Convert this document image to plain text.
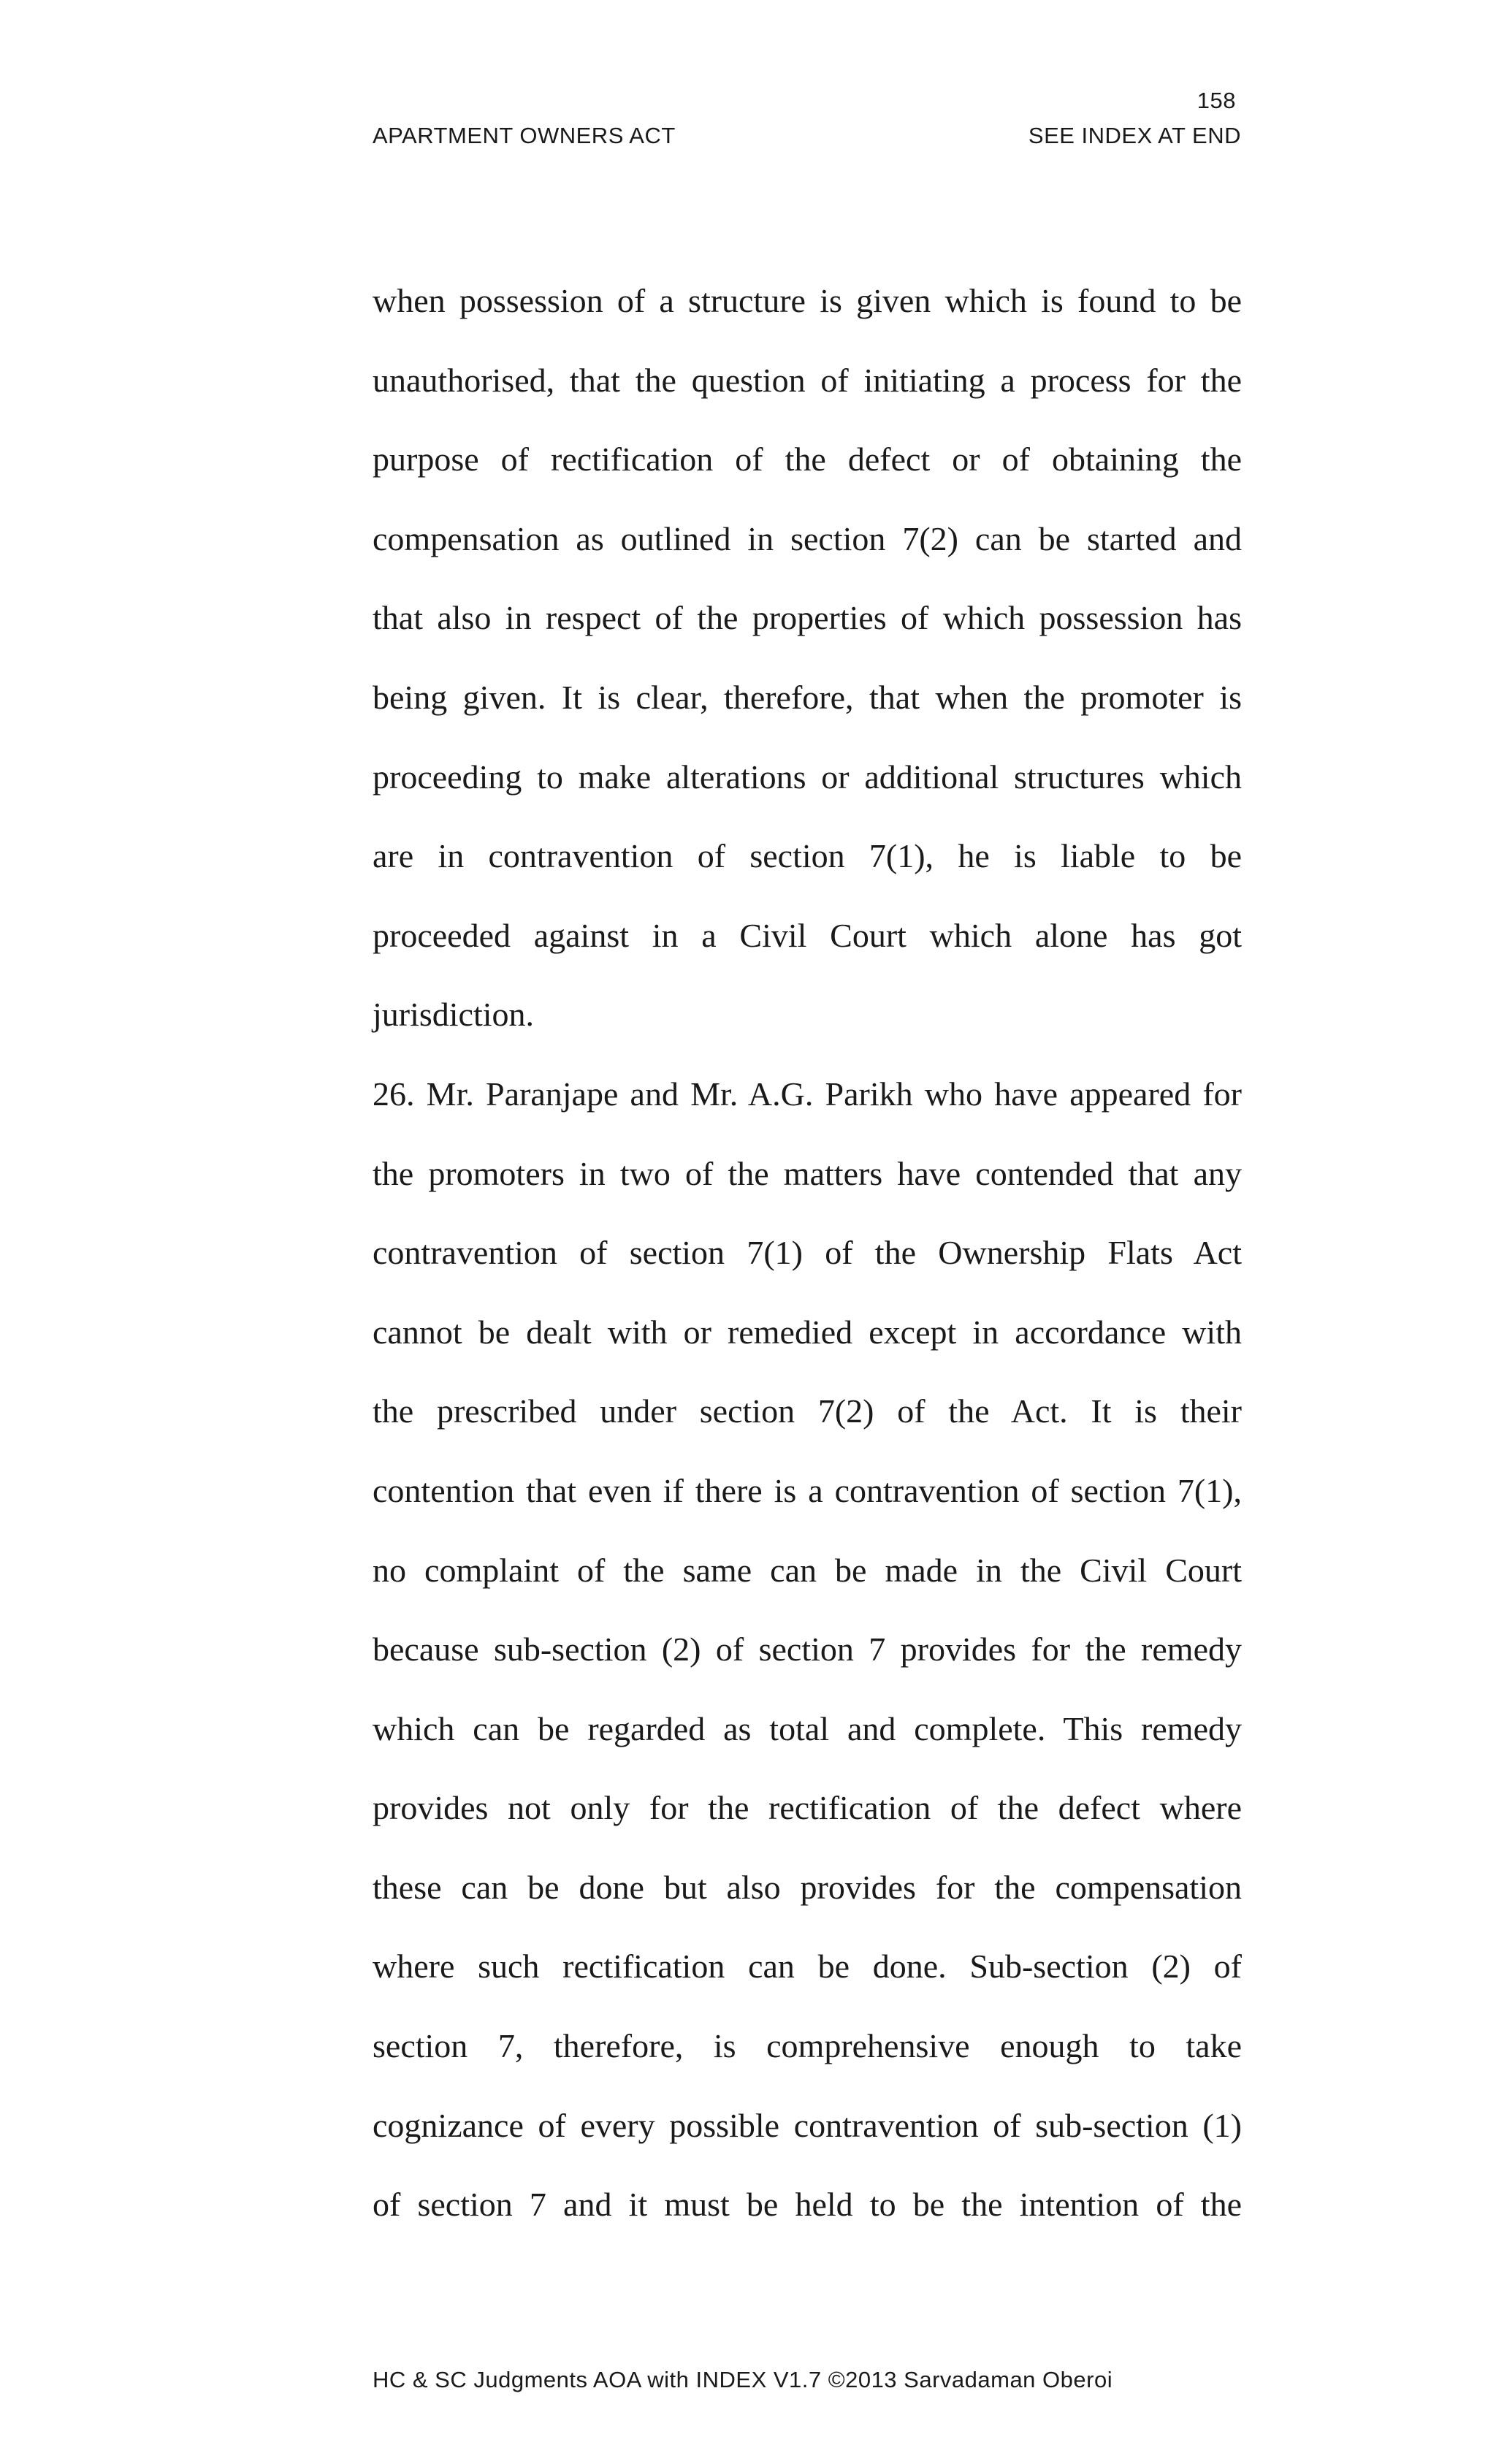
158
APARTMENT OWNERS ACT	SEE INDEX AT END
when possession of a structure is given which is found to be
unauthorised, that the question of initiating a process for the
purpose of rectification of the defect or of obtaining the
compensation as outlined in section 7(2) can be started and
that also in respect of the properties of which possession has
being given. It is clear, therefore, that when the promoter is
proceeding to make alterations or additional structures which
are in contravention of section 7(1), he is liable to be
proceeded against in a Civil Court which alone has got
jurisdiction.
26. Mr. Paranjape and Mr. A.G. Parikh who have appeared for
the promoters in two of the matters have contended that any
contravention of section 7(1) of the Ownership Flats Act
cannot be dealt with or remedied except in accordance with
the prescribed under section 7(2) of the Act. It is their
contention that even if there is a contravention of section 7(1),
no complaint of the same can be made in the Civil Court
because sub-section (2) of section 7 provides for the remedy
which can be regarded as total and complete. This remedy
provides not only for the rectification of the defect where
these can be done but also provides for the compensation
where such rectification can be done. Sub-section (2) of
section 7, therefore, is comprehensive enough to take
cognizance of every possible contravention of sub-section (1)
of section 7 and it must be held to be the intention of the
HC & SC Judgments AOA with INDEX V1.7 ©2013 Sarvadaman Oberoi
